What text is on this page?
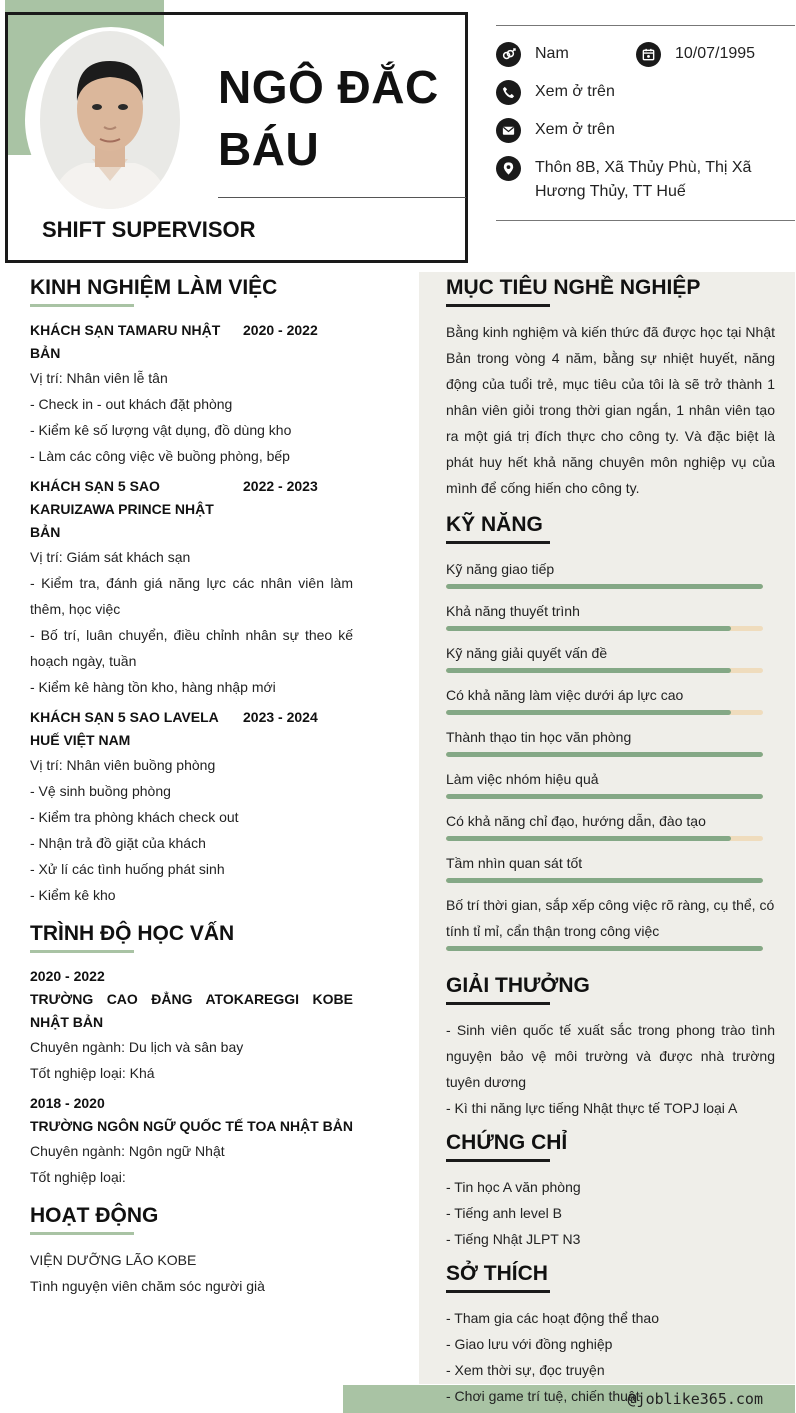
NGÔ ĐẮC BÁU
SHIFT SUPERVISOR
Nam	10/07/1995
Xem ở trên
Xem ở trên
Thôn 8B, Xã Thủy Phù, Thị Xã Hương Thủy, TT Huế
KINH NGHIỆM LÀM VIỆC
KHÁCH SẠN TAMARU NHẬT BẢN
2020 - 2022
Vị trí: Nhân viên lễ tân
- Check in - out khách đặt phòng
- Kiểm kê số lượng vật dụng, đồ dùng kho
- Làm các công việc về buồng phòng, bếp
KHÁCH SẠN 5 SAO KARUIZAWA PRINCE NHẬT BẢN
2022 - 2023
Vị trí: Giám sát khách sạn
- Kiểm tra, đánh giá năng lực các nhân viên làm thêm, học việc
- Bố trí, luân chuyển, điều chỉnh nhân sự theo kế hoạch ngày, tuần
- Kiểm kê hàng tồn kho, hàng nhập mới
KHÁCH SẠN 5 SAO LAVELA HUẾ VIỆT NAM
2023 - 2024
Vị trí: Nhân viên buồng phòng
- Vệ sinh buồng phòng
- Kiểm tra phòng khách check out
- Nhận trả đồ giặt của khách
- Xử lí các tình huống phát sinh
- Kiểm kê kho
TRÌNH ĐỘ HỌC VẤN
2020 - 2022
TRƯỜNG CAO ĐẲNG ATOKAREGGI KOBE NHẬT BẢN
Chuyên ngành: Du lịch và sân bay
Tốt nghiệp loại: Khá
2018 - 2020
TRƯỜNG NGÔN NGỮ QUỐC TẾ TOA NHẬT BẢN
Chuyên ngành: Ngôn ngữ Nhật
Tốt nghiệp loại:
HOẠT ĐỘNG
VIỆN DƯỠNG LÃO KOBE
Tình nguyện viên chăm sóc người già
MỤC TIÊU NGHỀ NGHIỆP
Bằng kinh nghiệm và kiến thức đã được học tại Nhật Bản trong vòng 4 năm, bằng sự nhiệt huyết, năng động của tuổi trẻ, mục tiêu của tôi là sẽ trở thành 1 nhân viên giỏi trong thời gian ngắn, 1 nhân viên tạo ra một giá trị đích thực cho công ty. Và đặc biệt là phát huy hết khả năng chuyên môn nghiệp vụ của mình để cống hiến cho công ty.
KỸ NĂNG
Kỹ năng giao tiếp
Khả năng thuyết trình
Kỹ năng giải quyết vấn đề
Có khả năng làm việc dưới áp lực cao
Thành thạo tin học văn phòng
Làm việc nhóm hiệu quả
Có khả năng chỉ đạo, hướng dẫn, đào tạo
Tầm nhìn quan sát tốt
Bố trí thời gian, sắp xếp công việc rõ ràng, cụ thể, có tính tỉ mỉ, cẩn thận trong công việc
GIẢI THƯỞNG
- Sinh viên quốc tế xuất sắc trong phong trào tình nguyện bảo vệ môi trường và được nhà trường tuyên dương
- Kì thi năng lực tiếng Nhật thực tế TOPJ loại A
CHỨNG CHỈ
- Tin học A văn phòng
- Tiếng anh level B
- Tiếng Nhật JLPT N3
SỞ THÍCH
- Tham gia các hoạt động thể thao
- Giao lưu với đồng nghiệp
- Xem thời sự, đọc truyện
- Chơi game trí tuệ, chiến thuật
@joblike365.com
